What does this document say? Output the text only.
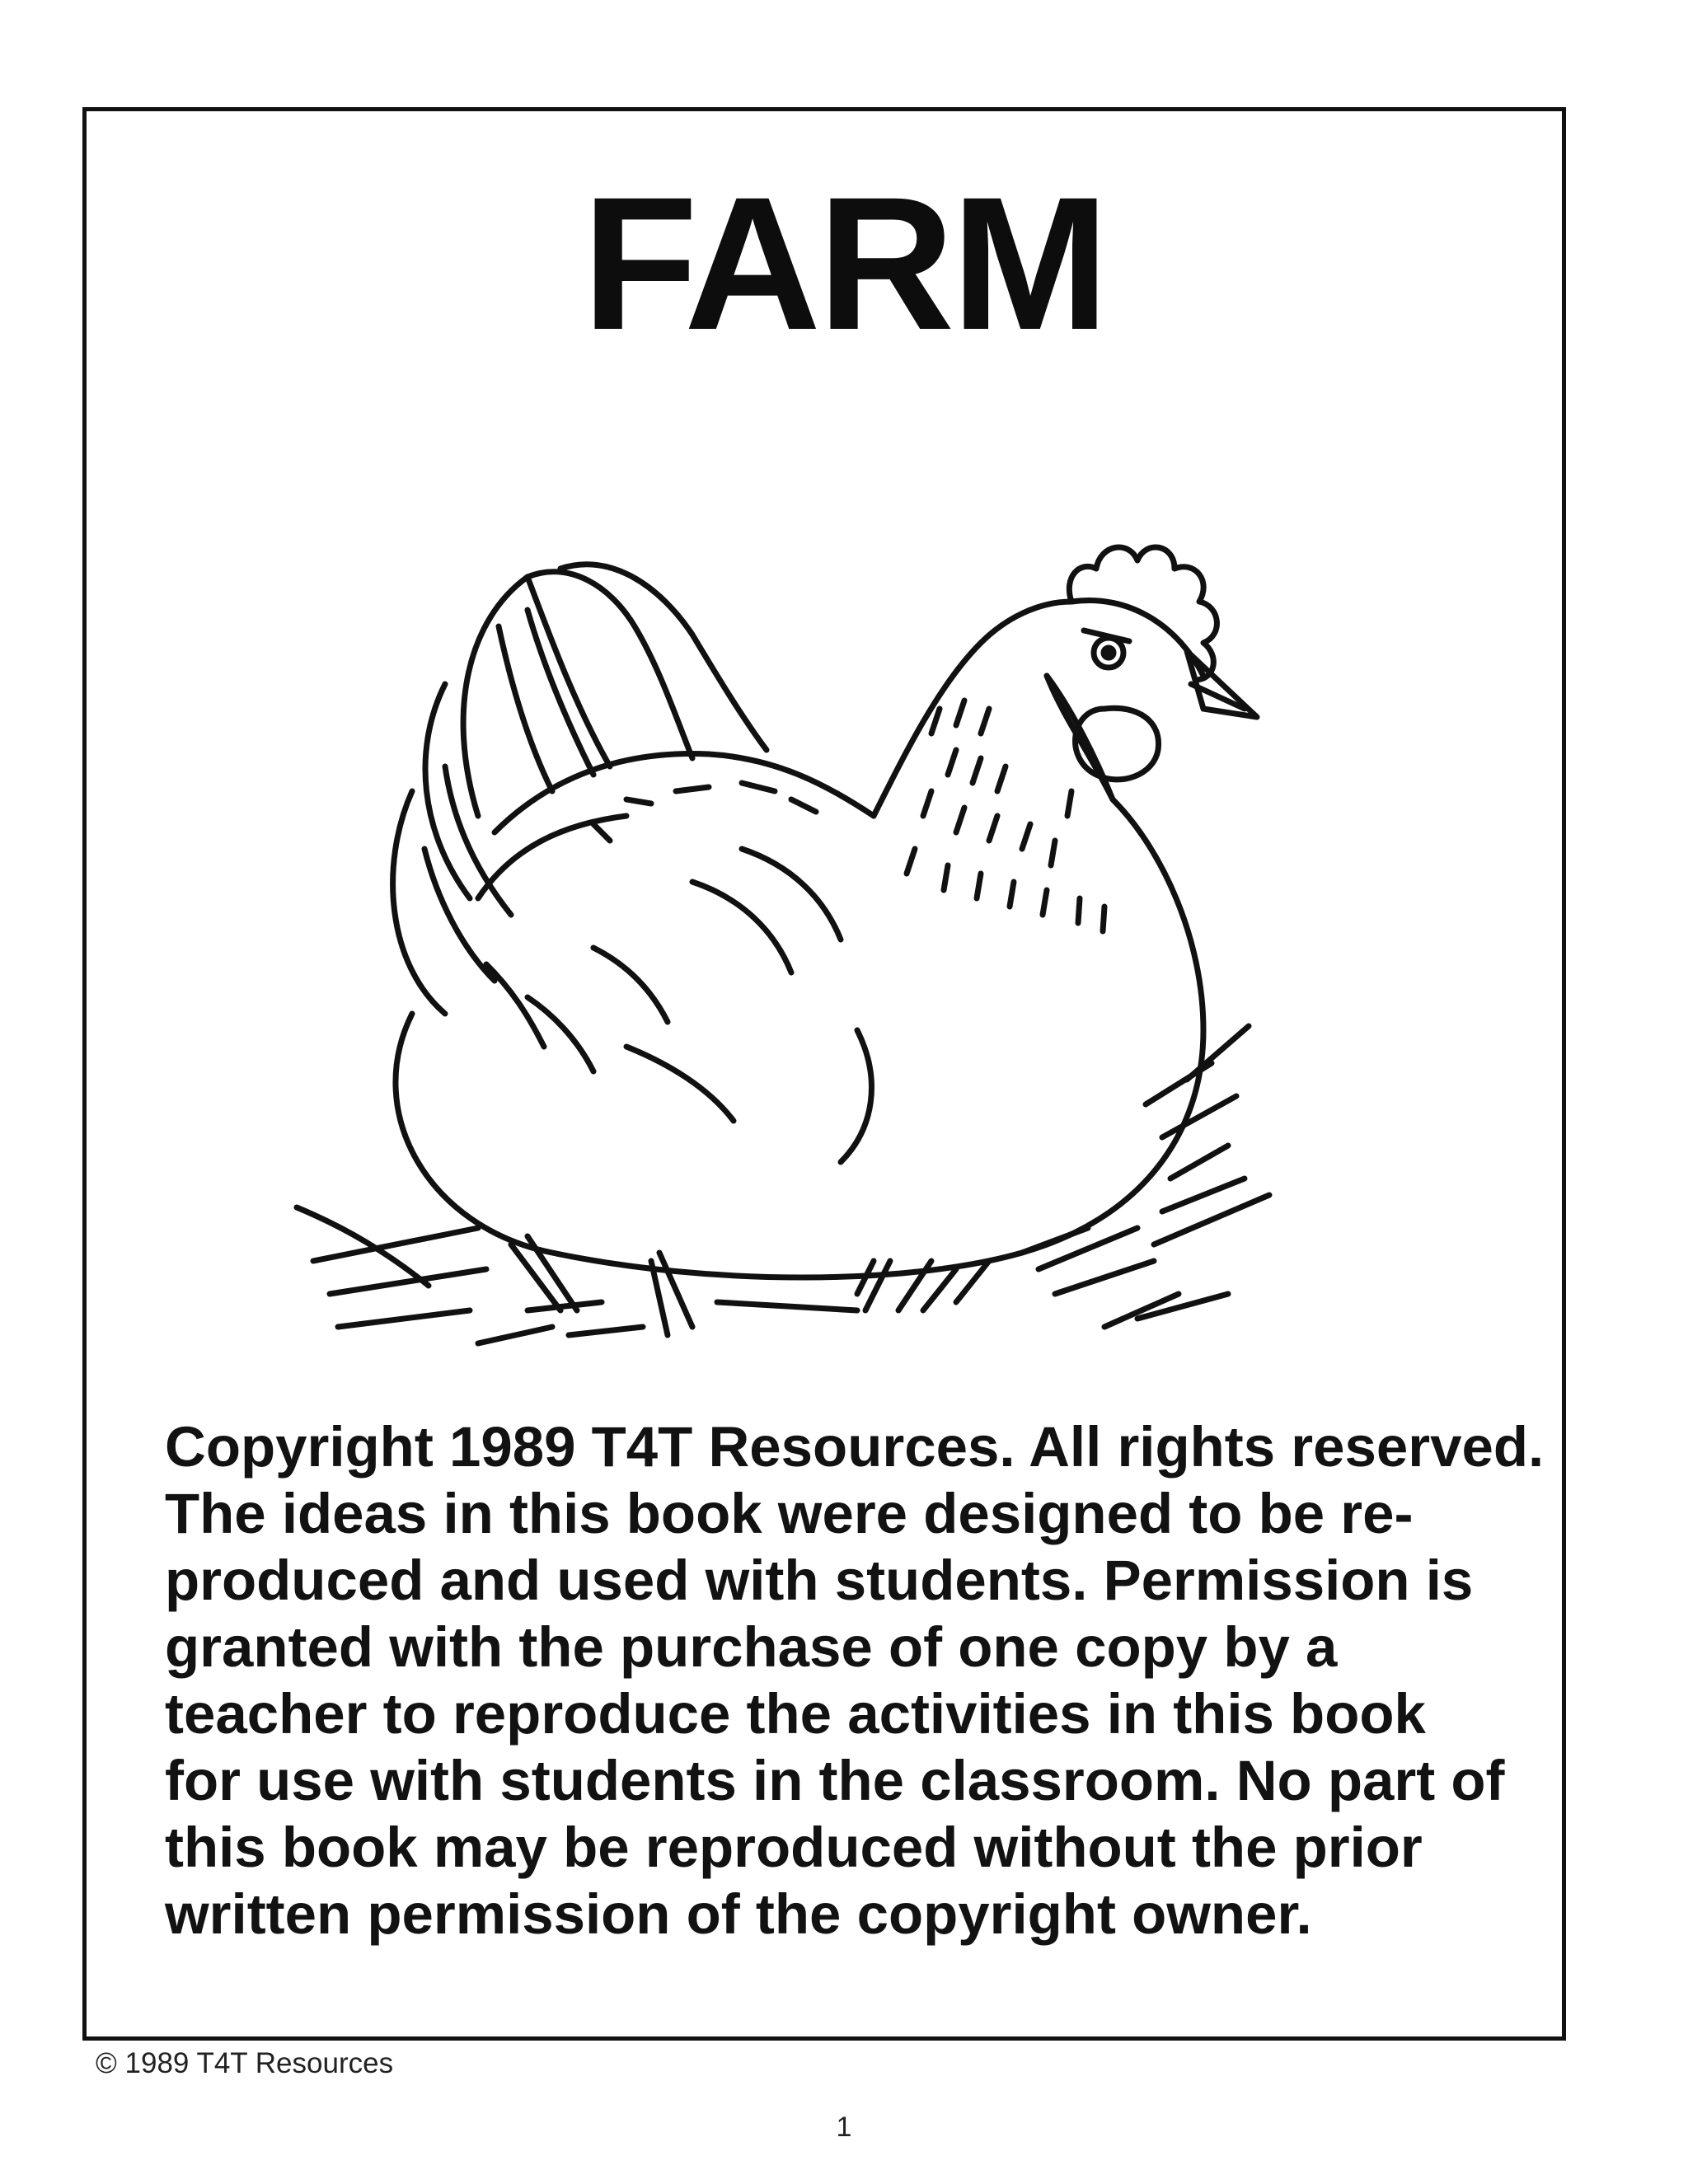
FARM
Copyright 1989 T4T Resources. All rights reserved.
The ideas in this book were designed to be re-
produced and used with students. Permission is
granted with the purchase of one copy by a
teacher to reproduce the activities in this book
for use with students in the classroom. No part of
this book may be reproduced without the prior
written permission of the copyright owner.
© 1989 T4T Resources
1
